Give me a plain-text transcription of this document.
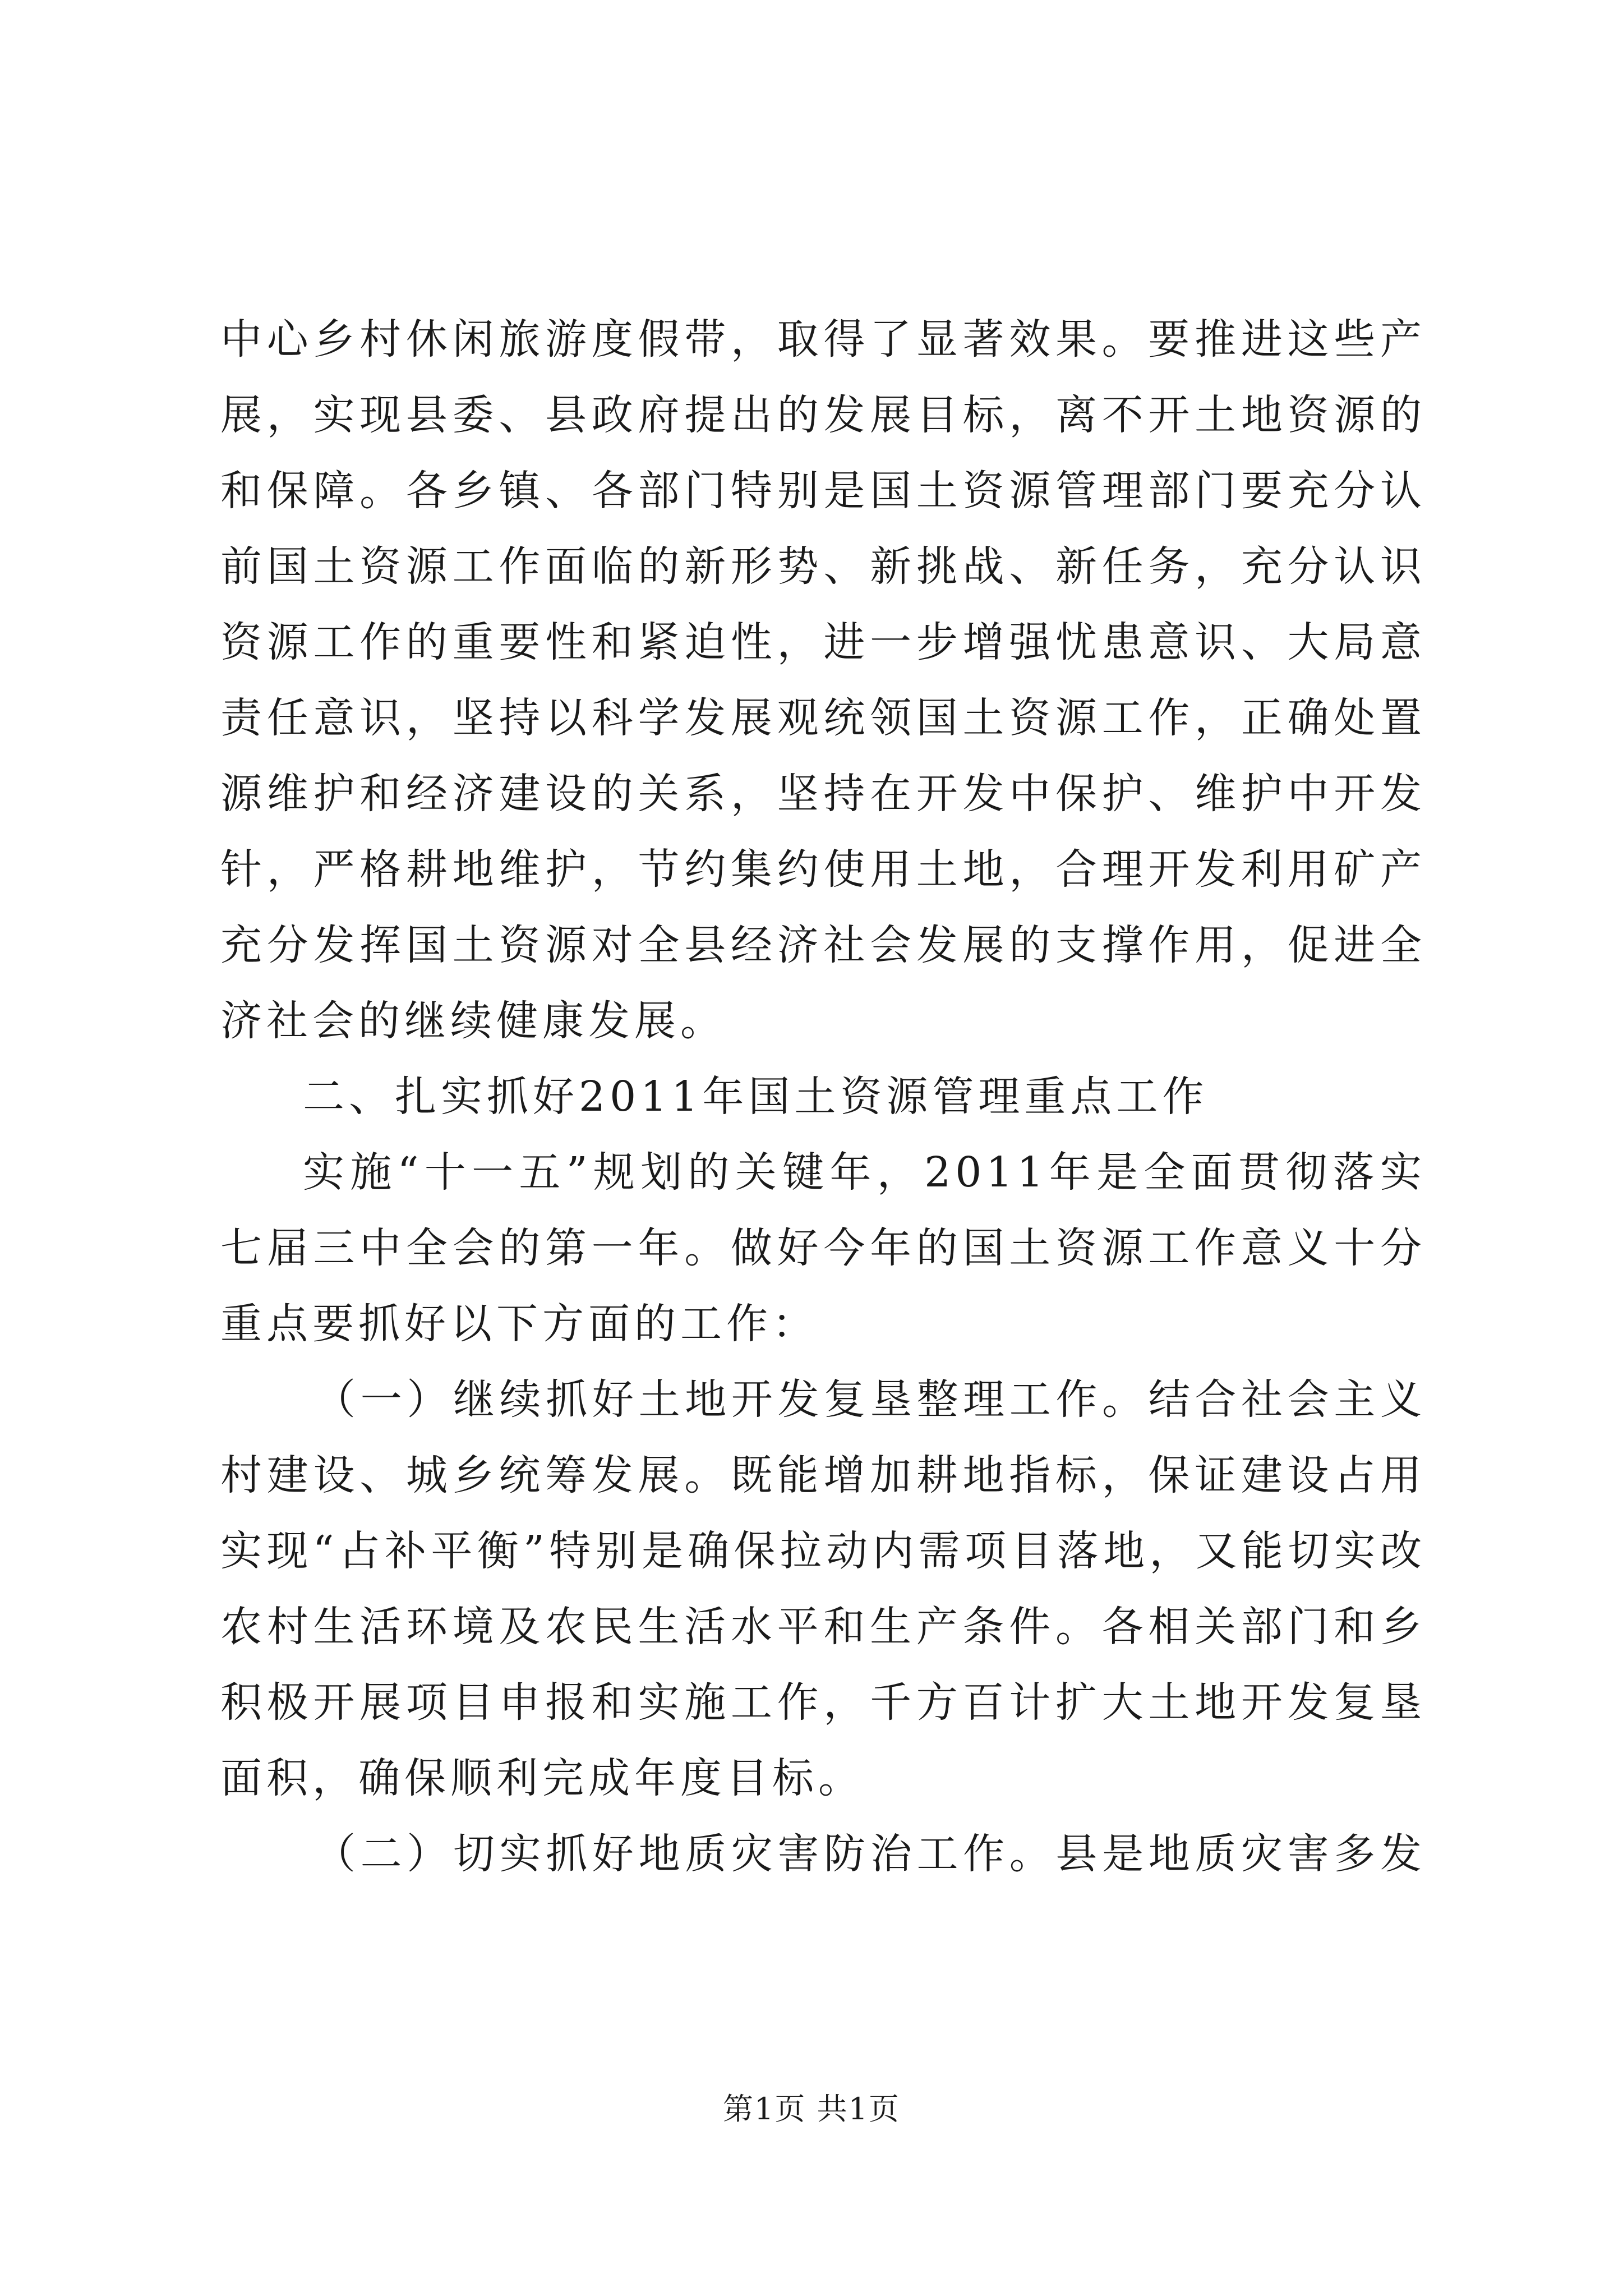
中心乡村休闲旅游度假带，取得了显著效果。要推进这些产
展，实现县委、县政府提出的发展目标，离不开土地资源的
和保障。各乡镇、各部门特别是国土资源管理部门要充分认
前国土资源工作面临的新形势、新挑战、新任务，充分认识
资源工作的重要性和紧迫性，进一步增强忧患意识、大局意
责任意识，坚持以科学发展观统领国土资源工作，正确处置
源维护和经济建设的关系，坚持在开发中保护、维护中开发
针，严格耕地维护，节约集约使用土地，合理开发利用矿产
充分发挥国土资源对全县经济社会发展的支撑作用，促进全
济社会的继续健康发展。
二、扎实抓好2011年国土资源管理重点工作
实施“十一五”规划的关键年，2011年是全面贯彻落实
七届三中全会的第一年。做好今年的国土资源工作意义十分
重点要抓好以下方面的工作：
（一）继续抓好土地开发复垦整理工作。结合社会主义
村建设、城乡统筹发展。既能增加耕地指标，保证建设占用
实现“占补平衡”特别是确保拉动内需项目落地，又能切实改
农村生活环境及农民生活水平和生产条件。各相关部门和乡
积极开展项目申报和实施工作，千方百计扩大土地开发复垦
面积，确保顺利完成年度目标。
（二）切实抓好地质灾害防治工作。县是地质灾害多发
第1页 共1页
